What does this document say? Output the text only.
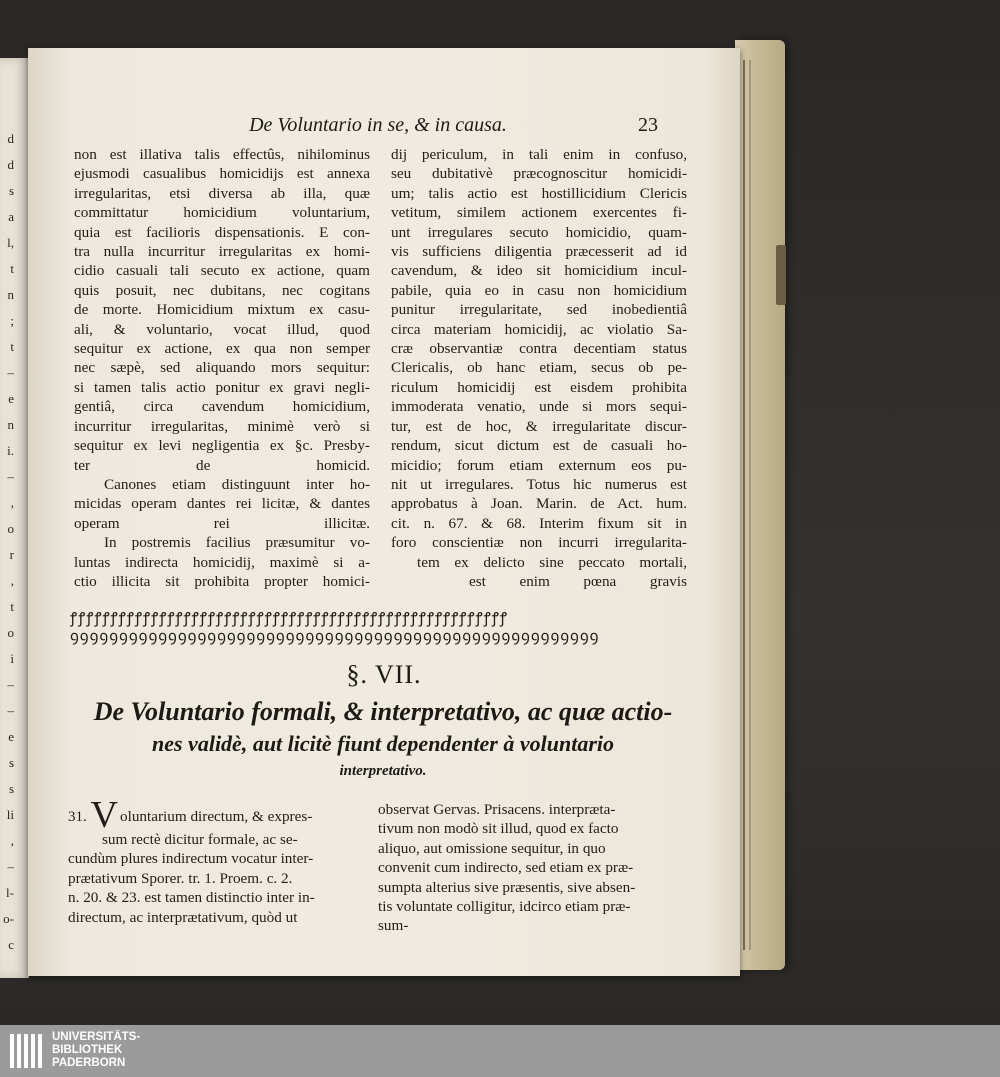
d
d
s
a
l,
t
n
;
t
–
e
n
i.
–
,
o
r
,
t
o
i
–
–
e
s
s
li
,
–
l-
o-
c
De Voluntario in se, & in causa.	23
non est illativa talis effectûs, nihilominus
ejusmodi casualibus homicidijs est annexa
irregularitas, etsi diversa ab illa, quæ
committatur homicidium voluntarium,
quia est facilioris dispensationis. E con-
tra nulla incurritur irregularitas ex homi-
cidio casuali tali secuto ex actione, quam
quis posuit, nec dubitans, nec cogitans
de morte. Homicidium mixtum ex casu-
ali, & voluntario, vocat illud, quod
sequitur ex actione, ex qua non semper
nec sæpè, sed aliquando mors sequitur:
si tamen talis actio ponitur ex gravi negli-
gentiâ, circa cavendum homicidium,
incurritur irregularitas, minimè verò si
sequitur ex levi negligentia ex §c. Presby-
ter de homicid.
Canones etiam distinguunt inter ho-
micidas operam dantes rei licitæ, & dantes
operam rei illicitæ.
In postremis facilius præsumitur vo-
luntas indirecta homicidij, maximè si a-
ctio illicita sit prohibita propter homici-
dij periculum, in tali enim in confuso,
seu dubitativè præcognoscitur homicidi-
um; talis actio est hostillicidium Clericis
vetitum, similem actionem exercentes fi-
unt irregulares secuto homicidio, quam-
vis sufficiens diligentia præcesserit ad id
cavendum, & ideo sit homicidium incul-
pabile, quia eo in casu non homicidium
punitur irregularitate, sed inobedientiâ
circa materiam homicidij, ac violatio Sa-
cræ observantiæ contra decentiam status
Clericalis, ob hanc etiam, secus ob pe-
riculum homicidij est eisdem prohibita
immoderata venatio, unde si mors sequi-
tur, est de hoc, & irregularitate discur-
rendum, sicut dictum est de casuali ho-
micidio; forum etiam externum eos pu-
nit ut irregulares. Totus hic numerus est
approbatus à Joan. Marin. de Act. hum.
cit. n. 67. & 68. Interim fixum sit in
foro conscientiæ non incurri irregularita-
tem ex delicto sine peccato mortali,
est enim pœna gravis
ꝭꝭꝭꝭꝭꝭꝭꝭꝭꝭꝭꝭꝭꝭꝭꝭꝭꝭꝭꝭꝭꝭꝭꝭꝭꝭꝭꝭꝭꝭꝭꝭꝭꝭꝭꝭꝭꝭꝭꝭꝭꝭꝭꝭꝭꝭꝭꝭꝭꝭꝭꝭꝭꝭ
ꝯꝯꝯꝯꝯꝯꝯꝯꝯꝯꝯꝯꝯꝯꝯꝯꝯꝯꝯꝯꝯꝯꝯꝯꝯꝯꝯꝯꝯꝯꝯꝯꝯꝯꝯꝯꝯꝯꝯꝯꝯꝯꝯꝯꝯꝯꝯꝯꝯꝯꝯꝯꝯꝯ
§. VII.
De Voluntario formali, & interpretativo, ac quæ actio-
nes validè, aut licitè fiunt dependenter à voluntario
interpretativo.
31. V oluntarium directum, & expres-
sum rectè dicitur formale, ac se-
cundùm plures indirectum vocatur inter-
prætativum Sporer. tr. 1. Proem. c. 2.
n. 20. & 23. est tamen distinctio inter in-
directum, ac interprætativum, quòd ut
observat Gervas. Prisacens. interpræta-
tivum non modò sit illud, quod ex facto
aliquo, aut omissione sequitur, in quo
convenit cum indirecto, sed etiam ex præ-
sumpta alterius sive præsentis, sive absen-
tis voluntate colligitur, idcirco etiam præ-
sum-
UNIVERSITÄTS-
BIBLIOTHEK
PADERBORN
